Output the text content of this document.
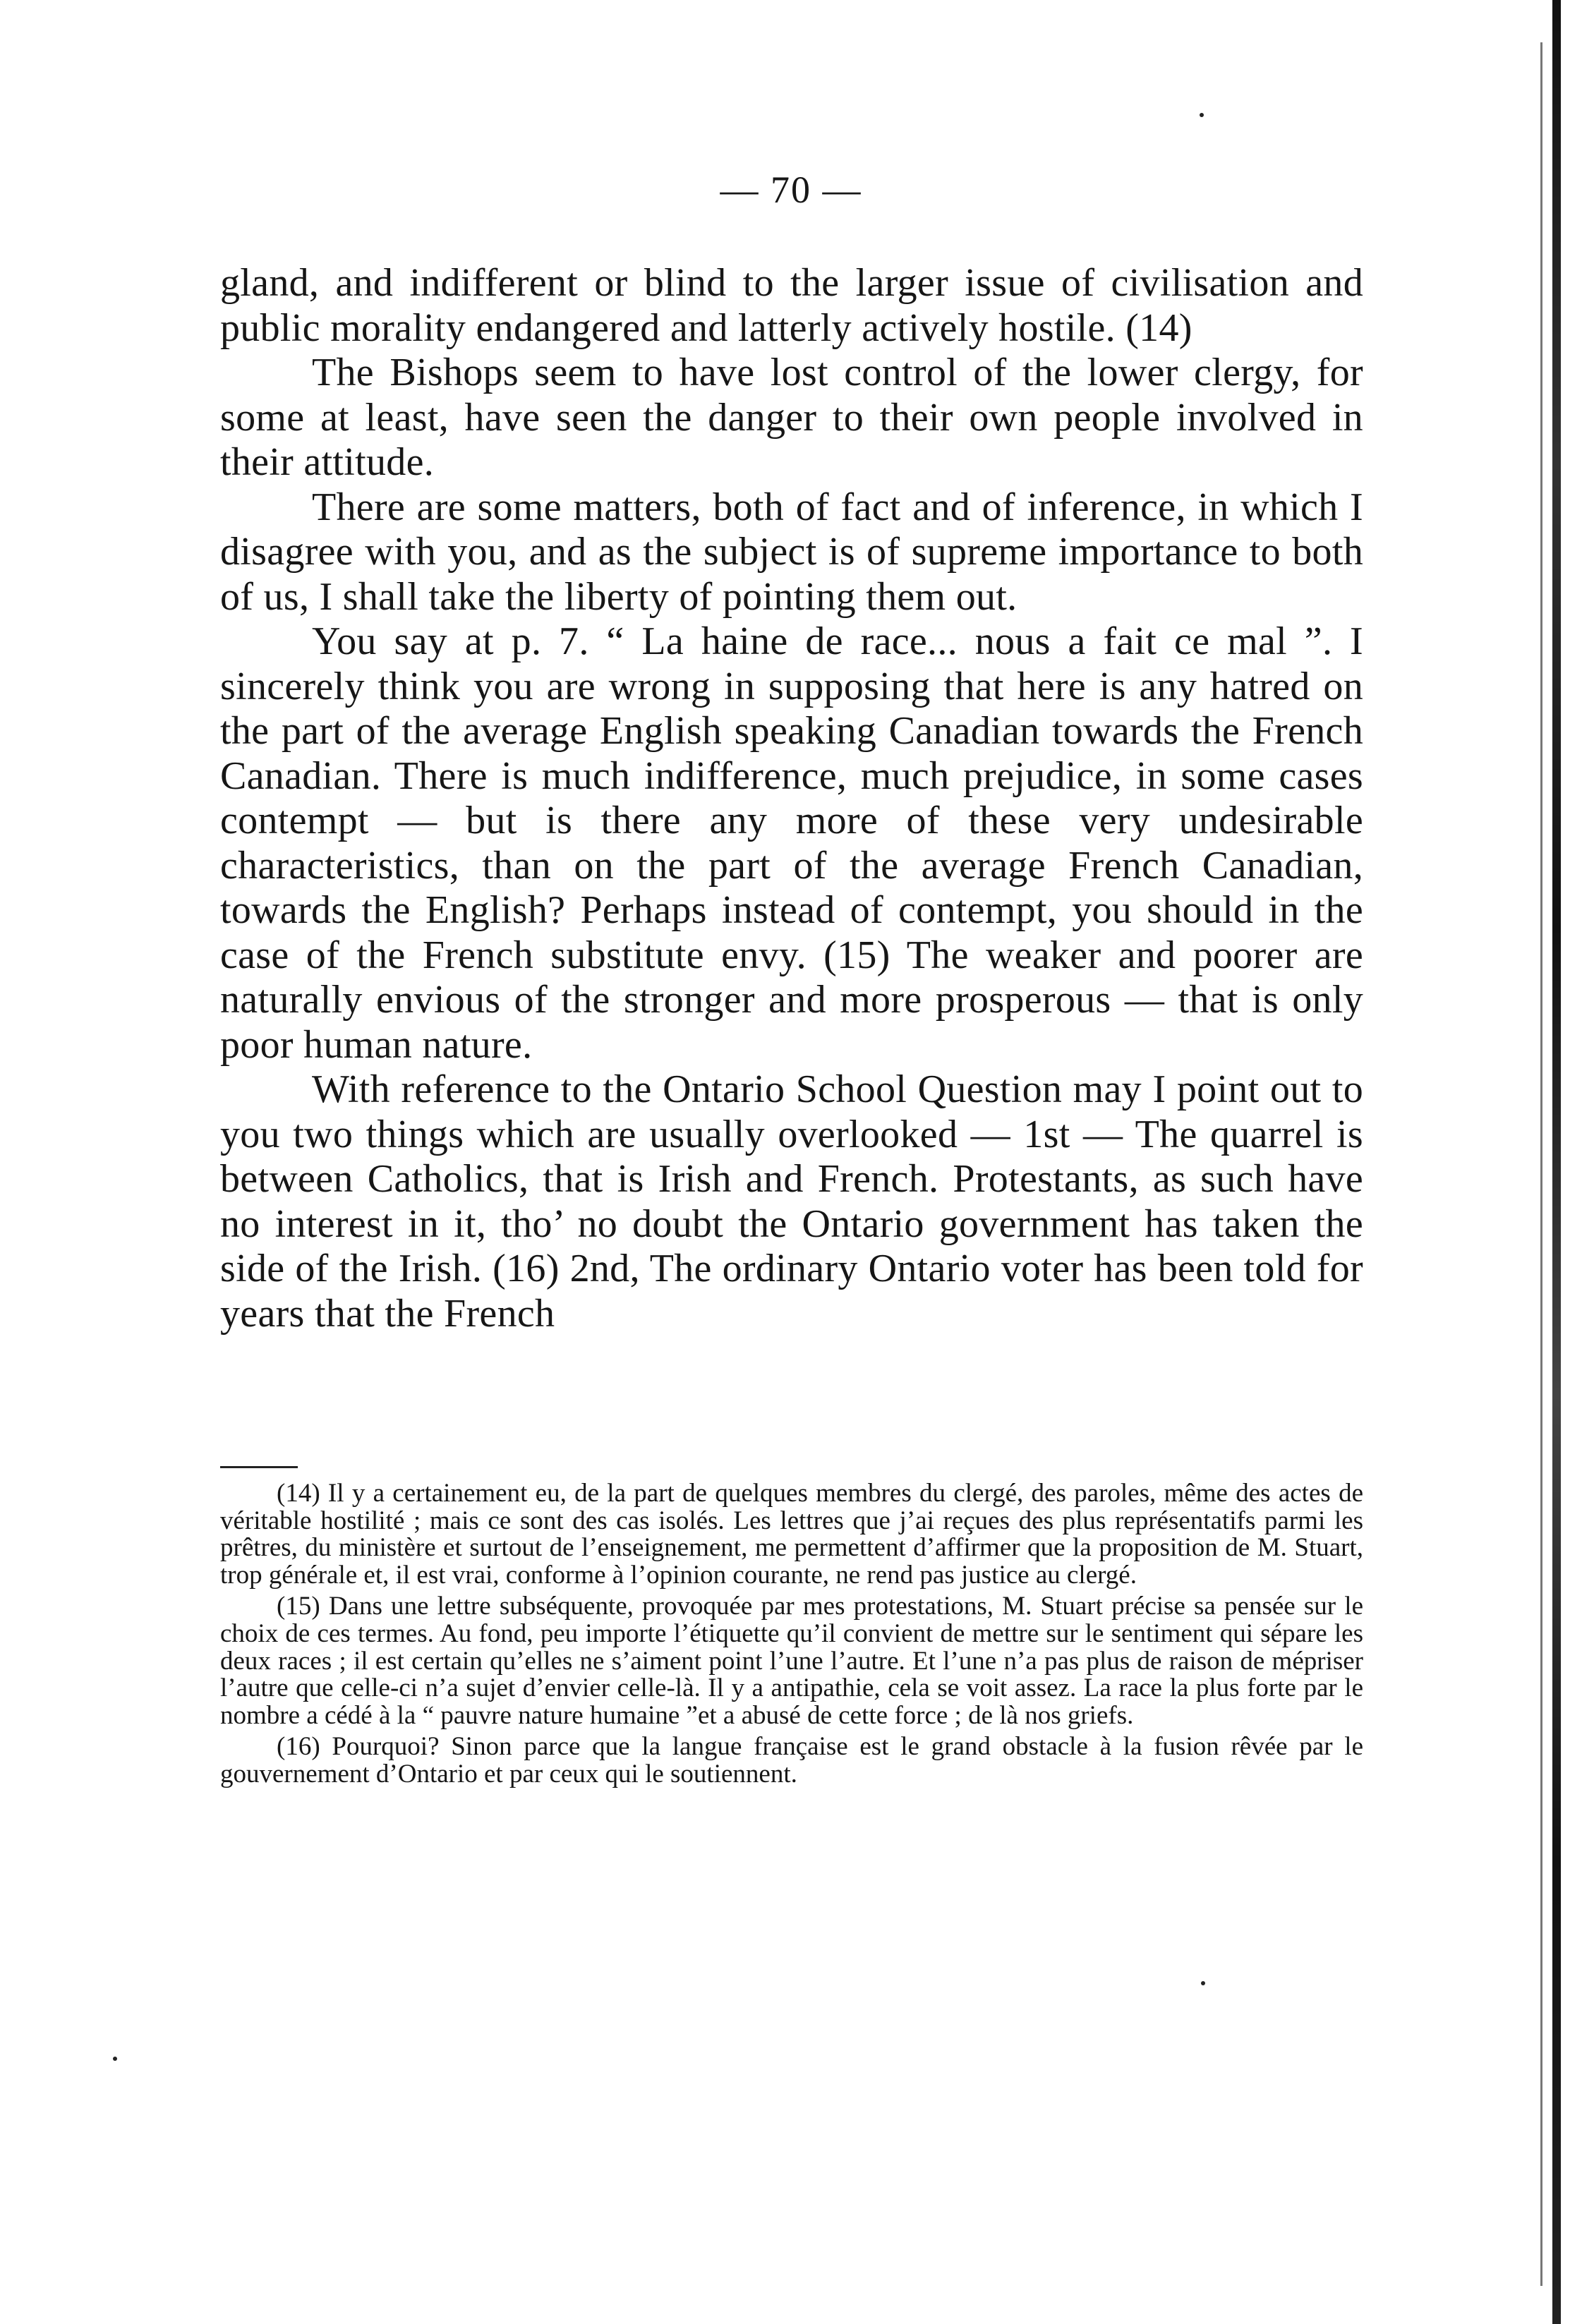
— 70 —

gland, and indifferent or blind to the larger issue of civilisation and public morality endangered and latterly actively hostile. (14)

The Bishops seem to have lost control of the lower clergy, for some at least, have seen the danger to their own people involved in their attitude.

There are some matters, both of fact and of inference, in which I disagree with you, and as the subject is of supreme importance to both of us, I shall take the liberty of pointing them out.

You say at p. 7. “ La haine de race... nous a fait ce mal ”. I sincerely think you are wrong in supposing that here is any hatred on the part of the average English speaking Canadian towards the French Canadian. There is much indifference, much prejudice, in some cases contempt — but is there any more of these very undesirable characteristics, than on the part of the average French Canadian, towards the English? Perhaps instead of contempt, you should in the case of the French substitute envy. (15) The weaker and poorer are naturally envious of the stronger and more prosperous — that is only poor human nature.

With reference to the Ontario School Question may I point out to you two things which are usually overlooked — 1st — The quarrel is between Catholics, that is Irish and French. Protestants, as such have no interest in it, tho’ no doubt the Ontario government has taken the side of the Irish. (16) 2nd, The ordinary Ontario voter has been told for years that the French

(14) Il y a certainement eu, de la part de quelques membres du clergé, des paroles, même des actes de véritable hostilité ; mais ce sont des cas isolés. Les lettres que j’ai reçues des plus représentatifs parmi les prêtres, du ministère et surtout de l’enseignement, me permettent d’affirmer que la proposition de M. Stuart, trop générale et, il est vrai, conforme à l’opinion courante, ne rend pas justice au clergé.

(15) Dans une lettre subséquente, provoquée par mes protestations, M. Stuart précise sa pensée sur le choix de ces termes. Au fond, peu importe l’étiquette qu’il convient de mettre sur le sentiment qui sépare les deux races ; il est certain qu’elles ne s’aiment point l’une l’autre. Et l’une n’a pas plus de raison de mépriser l’autre que celle-ci n’a sujet d’envier celle-là. Il y a antipathie, cela se voit assez. La race la plus forte par le nombre a cédé à la “ pauvre nature humaine ”et a abusé de cette force ; de là nos griefs.

(16) Pourquoi? Sinon parce que la langue française est le grand obstacle à la fusion rêvée par le gouvernement d’Ontario et par ceux qui le soutiennent.
